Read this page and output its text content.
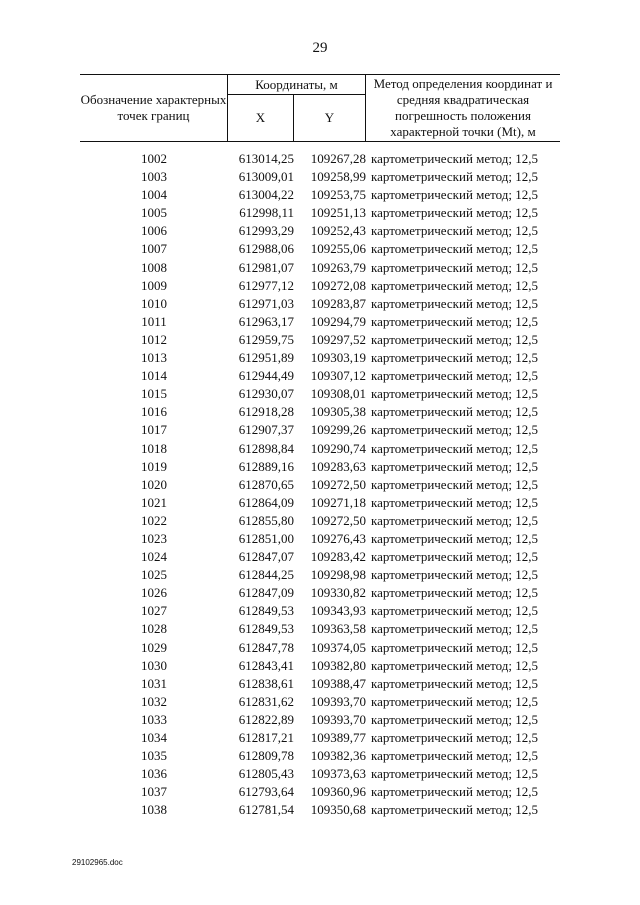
29
Обозначение характерных точек границ
Координаты, м
X	Y
Метод определения координат и средняя квадратическая погрешность положения характерной точки (Mt), м
1002	613014,25	109267,28 картометрический метод; 12,5
1003	613009,01	109258,99 картометрический метод; 12,5
1004	613004,22	109253,75 картометрический метод; 12,5
1005	612998,11	109251,13 картометрический метод; 12,5
1006	612993,29	109252,43 картометрический метод; 12,5
1007	612988,06	109255,06 картометрический метод; 12,5
1008	612981,07	109263,79 картометрический метод; 12,5
1009	612977,12	109272,08 картометрический метод; 12,5
1010	612971,03	109283,87 картометрический метод; 12,5
1011	612963,17	109294,79 картометрический метод; 12,5
1012	612959,75	109297,52 картометрический метод; 12,5
1013	612951,89	109303,19 картометрический метод; 12,5
1014	612944,49	109307,12 картометрический метод; 12,5
1015	612930,07	109308,01 картометрический метод; 12,5
1016	612918,28	109305,38 картометрический метод; 12,5
1017	612907,37	109299,26 картометрический метод; 12,5
1018	612898,84	109290,74 картометрический метод; 12,5
1019	612889,16	109283,63 картометрический метод; 12,5
1020	612870,65	109272,50 картометрический метод; 12,5
1021	612864,09	109271,18 картометрический метод; 12,5
1022	612855,80	109272,50 картометрический метод; 12,5
1023	612851,00	109276,43 картометрический метод; 12,5
1024	612847,07	109283,42 картометрический метод; 12,5
1025	612844,25	109298,98 картометрический метод; 12,5
1026	612847,09	109330,82 картометрический метод; 12,5
1027	612849,53	109343,93 картометрический метод; 12,5
1028	612849,53	109363,58 картометрический метод; 12,5
1029	612847,78	109374,05 картометрический метод; 12,5
1030	612843,41	109382,80 картометрический метод; 12,5
1031	612838,61	109388,47 картометрический метод; 12,5
1032	612831,62	109393,70 картометрический метод; 12,5
1033	612822,89	109393,70 картометрический метод; 12,5
1034	612817,21	109389,77 картометрический метод; 12,5
1035	612809,78	109382,36 картометрический метод; 12,5
1036	612805,43	109373,63 картометрический метод; 12,5
1037	612793,64	109360,96 картометрический метод; 12,5
1038	612781,54	109350,68 картометрический метод; 12,5
29102965.doc
